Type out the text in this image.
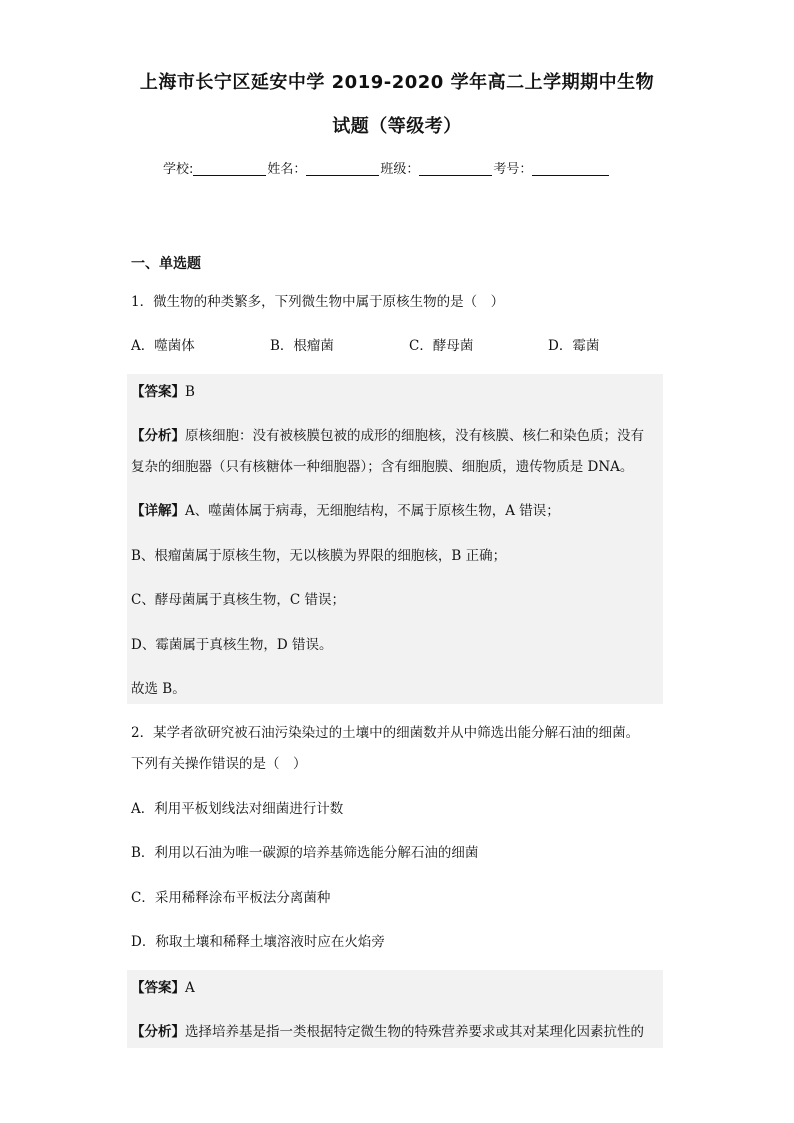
上海市长宁区延安中学 2019-2020 学年高二上学期期中生物
试题（等级考）
学校:	姓名：	班级：	考号：
一、单选题
1．微生物的种类繁多，下列微生物中属于原核生物的是（　）
A．噬菌体	B．根瘤菌	C．酵母菌	D．霉菌
【答案】B
【分析】原核细胞：没有被核膜包被的成形的细胞核，没有核膜、核仁和染色质；没有
复杂的细胞器（只有核糖体一种细胞器）；含有细胞膜、细胞质，遗传物质是 DNA。
【详解】A、噬菌体属于病毒，无细胞结构，不属于原核生物，A 错误；
B、根瘤菌属于原核生物，无以核膜为界限的细胞核，B 正确；
C、酵母菌属于真核生物，C 错误；
D、霉菌属于真核生物，D 错误。
故选 B。
2．某学者欲研究被石油污染染过的土壤中的细菌数并从中筛选出能分解石油的细菌。
下列有关操作错误的是（　）
A．利用平板划线法对细菌进行计数
B．利用以石油为唯一碳源的培养基筛选能分解石油的细菌
C．采用稀释涂布平板法分离菌种
D．称取土壤和稀释土壤溶液时应在火焰旁
【答案】A
【分析】选择培养基是指一类根据特定微生物的特殊营养要求或其对某理化因素抗性的
